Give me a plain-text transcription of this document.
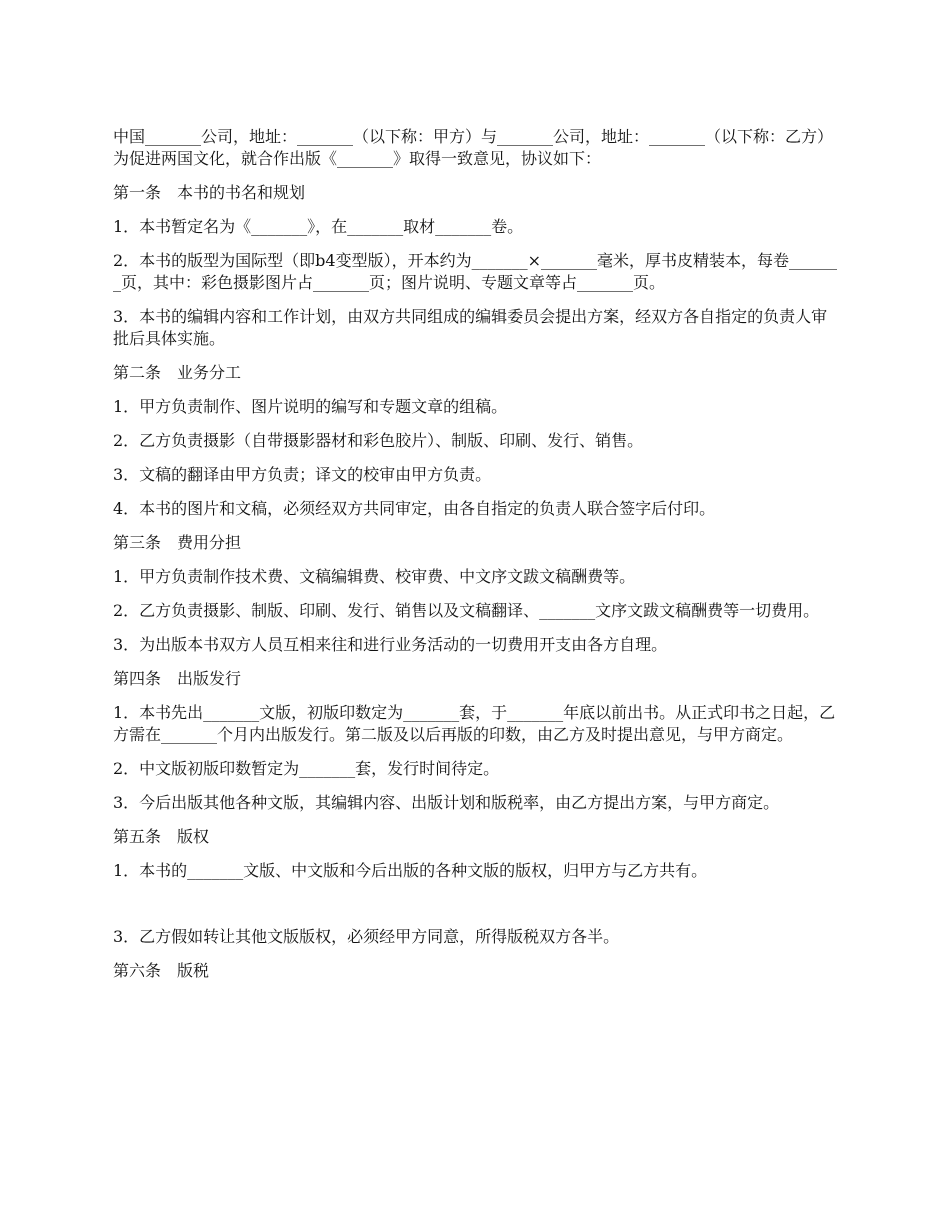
中国_______公司，地址：_______（以下称：甲方）与_______公司，地址：_______（以下称：乙方）为促进两国文化，就合作出版《_______》取得一致意见，协议如下：

第一条　本书的书名和规划

1．本书暂定名为《_______》，在_______取材_______卷。

2．本书的版型为国际型（即b4变型版），开本约为_______×_______毫米，厚书皮精装本，每卷_______页，其中：彩色摄影图片占_______页；图片说明、专题文章等占_______页。

3．本书的编辑内容和工作计划，由双方共同组成的编辑委员会提出方案，经双方各自指定的负责人审批后具体实施。

第二条　业务分工

1．甲方负责制作、图片说明的编写和专题文章的组稿。

2．乙方负责摄影（自带摄影器材和彩色胶片）、制版、印刷、发行、销售。

3．文稿的翻译由甲方负责；译文的校审由甲方负责。

4．本书的图片和文稿，必须经双方共同审定，由各自指定的负责人联合签字后付印。

第三条　费用分担

1．甲方负责制作技术费、文稿编辑费、校审费、中文序文跋文稿酬费等。

2．乙方负责摄影、制版、印刷、发行、销售以及文稿翻译、_______文序文跋文稿酬费等一切费用。

3．为出版本书双方人员互相来往和进行业务活动的一切费用开支由各方自理。

第四条　出版发行

1．本书先出_______文版，初版印数定为_______套，于_______年底以前出书。从正式印书之日起，乙方需在_______个月内出版发行。第二版及以后再版的印数，由乙方及时提出意见，与甲方商定。

2．中文版初版印数暂定为_______套，发行时间待定。

3．今后出版其他各种文版，其编辑内容、出版计划和版税率，由乙方提出方案，与甲方商定。

第五条　版权

1．本书的_______文版、中文版和今后出版的各种文版的版权，归甲方与乙方共有。

3．乙方假如转让其他文版版权，必须经甲方同意，所得版税双方各半。

第六条　版税
